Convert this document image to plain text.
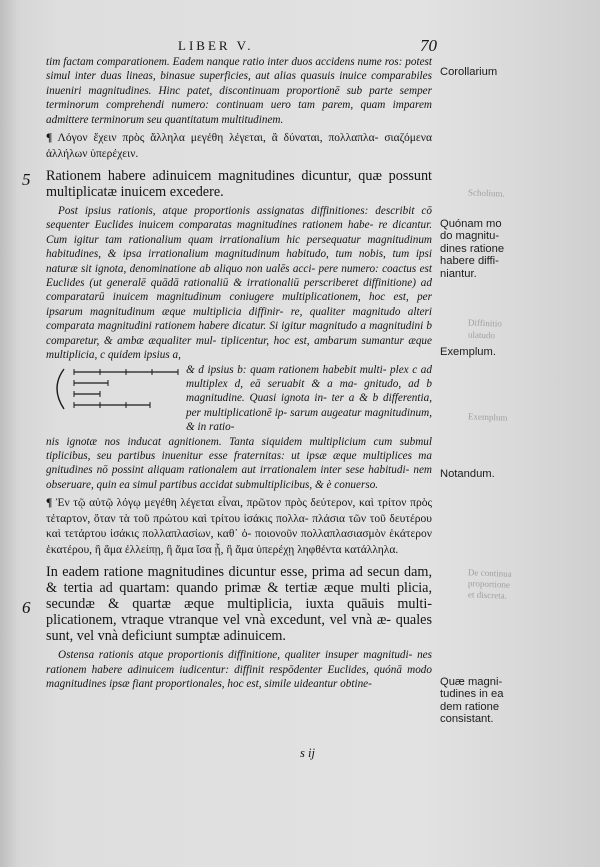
LIBER V.	70
Scholium.
Diffinitio
ulatudo
Exemplum
De continua
proportione
et discreta.
5
6

tim factam comparationem. Eadem nanque ratio inter duos accidens nume ros: potest simul inter duas lineas, binasue superficies, aut alias quasuis inuice comparabiles inueniri magnitudines. Hinc patet, discontinuam proportionē sub parte semper terminorum comprehendi numero: continuam uero tam parem, quam imparem admittere terminorum seu quantitatum multitudinem.

¶ Λόγον ἔχειν πρὸς ἄλληλα μεγέθη λέγεται, ἃ δύναται, πολλαπλα- σιαζόμενα ἀλλήλων ὑπερέχειν.

Rationem habere adinuicem magnitudines dicuntur, quæ possunt multiplicatæ inuicem excedere.

Post ipsius rationis, atque proportionis assignatas diffinitiones: describit cō sequenter Euclides inuicem comparatas magnitudines rationem habe- re dicantur. Cum igitur tam rationalium quam irrationalium hic persequatur magnitudinum habitudines, & ipsa irrationalium magnitudinum habitudo, tum nobis, tum ipsi naturæ sit ignota, denominatione ab aliquo non ualēs acci- pere numero: coactus est Euclides (ut generalē quādā rationaliū & irrationaliū perscriberet diffinitione) ad comparatarū inuicem magnitudinum coniugere multiplicationem, hoc est, per ipsarum magnitudinum æque multiplicia diffinir- re, qualiter magnitudo alteri comparata magnitudini rationem habere dicatur. Si igitur magnitudo a magnitudini b comparetur, & ambæ æqualiter mul- tiplicentur, hoc est, ambarum sumantur æque multiplicia, c quidem ipsius a,

& d ipsius b: quam rationem habebit multi- plex c ad multiplex d, eā seruabit & a ma- gnitudo, ad b magnitudine. Quasi ignota in- ter a & b differentia, per multiplicationē ip- sarum augeatur magnitudinum, & in ratio-

nis ignotæ nos inducat agnitionem. Tanta siquidem multiplicium cum submul tiplicibus, seu partibus inuenitur esse fraternitas: ut ipsæ æque multiplices ma gnitudines nō possint aliquam rationalem aut irrationalem inter sese habitudi- nem obseruare, quin ea simul partibus accidat submultiplicibus, & è conuerso.

¶ Ἐν τῷ αὐτῷ λόγῳ μεγέθη λέγεται εἶναι, πρῶτον πρὸς δεύτερον, καὶ τρίτον πρὸς τέταρτον, ὅταν τὰ τοῦ πρώτου καὶ τρίτου ἰσάκις πολλα- πλάσια τῶν τοῦ δευτέρου καὶ τετάρτου ἰσάκις πολλαπλασίων, καθ᾽ ὁ- ποιονοῦν πολλαπλασιασμὸν ἑκάτερον ἑκατέρου, ἢ ἅμα ἐλλείπῃ, ἢ ἅμα ἴσα ᾖ, ἢ ἅμα ὑπερέχῃ ληφθέντα κατάλληλα.

In eadem ratione magnitudines dicuntur esse, prima ad secun dam, & tertia ad quartam: quando primæ & tertiæ æque multi plicia, secundæ & quartæ æque multiplicia, iuxta quāuis multi- plicationem, vtraque vtranque vel vnà excedunt, vel vnà æ- quales sunt, vel vnà deficiunt sumptæ adinuicem.

Ostensa rationis atque proportionis diffinitione, qualiter insuper magnitudi- nes rationem habere adinuicem iudicentur: diffinit respōdenter Euclides, quónā modo magnitudines ipsæ fiant proportionales, hoc est, simile uideantur obtine-

Corollarium
Quónam mo
do magnitu-
dines ratione
habere diffi-
niantur.
Exemplum.
Notandum.
Quæ magni-
tudines in ea
dem ratione
consistant.
s ij
